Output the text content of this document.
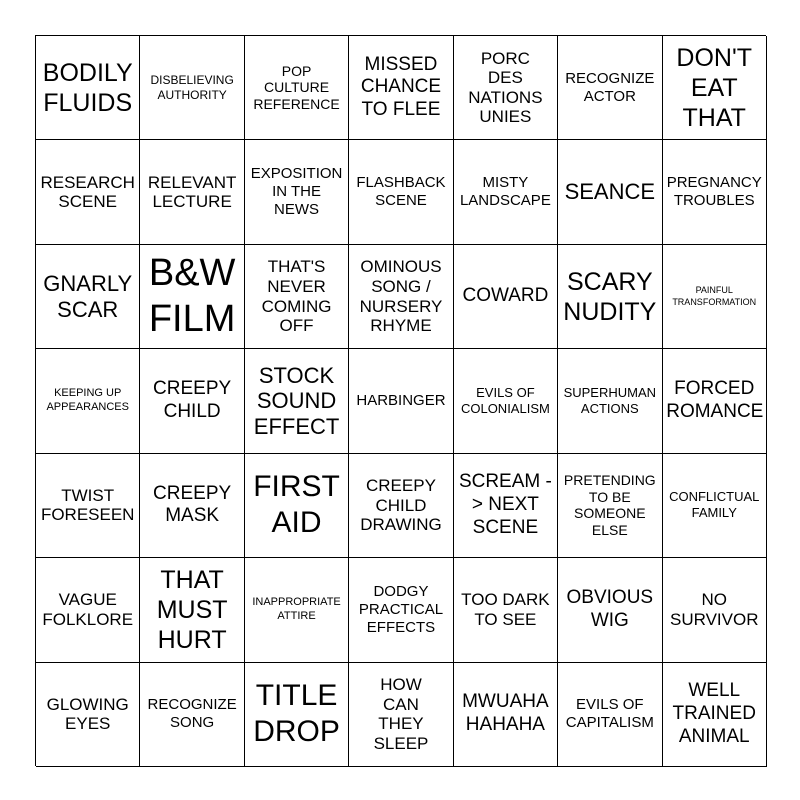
BODILY FLUIDS
DISBELIEVING AUTHORITY
POP CULTURE REFERENCE
MISSED CHANCE TO FLEE
PORC DES NATIONS UNIES
RECOGNIZE ACTOR
DON'T EAT THAT
RESEARCH SCENE
RELEVANT LECTURE
EXPOSITION IN THE NEWS
FLASHBACK SCENE
MISTY LANDSCAPE SEANCE PREGNANCY TROUBLES
GNARLY SCAR
B&W FILM
THAT'S NEVER COMING OFF
OMINOUS SONG / NURSERY RHYME
COWARD
SCARY NUDITY
PAINFUL TRANSFORMATION
KEEPING UP APPEARANCES
CREEPY CHILD
STOCK SOUND EFFECT
HARBINGER	EVILS OF COLONIALISM
SUPERHUMAN ACTIONS
FORCED ROMANCE
TWIST FORESEEN
CREEPY MASK
FIRST AID
CREEPY CHILD DRAWING
SCREAM -> NEXT SCENE
PRETENDING TO BE SOMEONE ELSE
CONFLICTUAL FAMILY
VAGUE FOLKLORE
THAT MUST HURT
INAPPROPRIATE ATTIRE
DODGY PRACTICAL EFFECTS
TOO DARK TO SEE
OBVIOUS WIG
NO SURVIVOR
GLOWING EYES
RECOGNIZE SONG
TITLE DROP
HOW CAN THEY SLEEP
MWUAHA HAHAHA
EVILS OF CAPITALISM
WELL TRAINED ANIMAL
